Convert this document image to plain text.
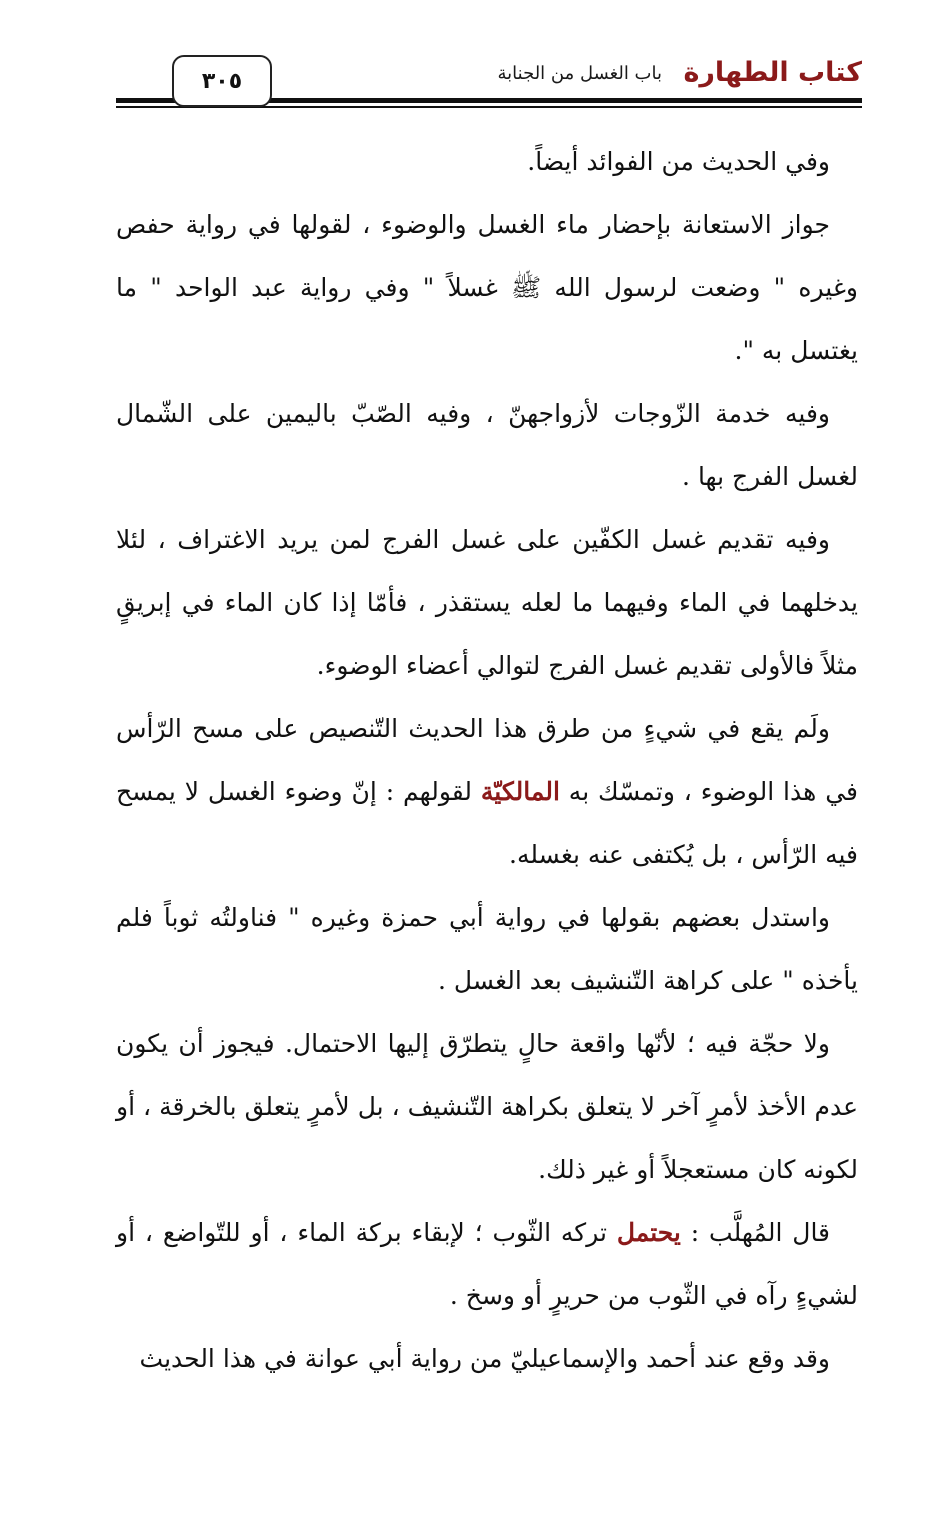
كتاب الطهارة
باب الغسل من الجنابة
٣٠٥

وفي الحديث من الفوائد أيضاً.

جواز الاستعانة بإحضار ماء الغسل والوضوء ، لقولها في رواية حفص وغيره " وضعت لرسول الله ﷺ غسلاً " وفي رواية عبد الواحد " ما يغتسل به ".

وفيه خدمة الزّوجات لأزواجهنّ ، وفيه الصّبّ باليمين على الشّمال لغسل الفرج بها .

وفيه تقديم غسل الكفّين على غسل الفرج لمن يريد الاغتراف ، لئلا يدخلهما في الماء وفيهما ما لعله يستقذر ، فأمّا إذا كان الماء في إبريقٍ مثلاً فالأولى تقديم غسل الفرج لتوالي أعضاء الوضوء.

ولَم يقع في شيءٍ من طرق هذا الحديث التّنصيص على مسح الرّأس في هذا الوضوء ، وتمسّك به المالكيّة لقولهم : إنّ وضوء الغسل لا يمسح فيه الرّأس ، بل يُكتفى عنه بغسله.

واستدل بعضهم بقولها في رواية أبي حمزة وغيره " فناولتُه ثوباً فلم يأخذه " على كراهة التّنشيف بعد الغسل .

ولا حجّة فيه ؛ لأنّها واقعة حالٍ يتطرّق إليها الاحتمال. فيجوز أن يكون عدم الأخذ لأمرٍ آخر لا يتعلق بكراهة التّنشيف ، بل لأمرٍ يتعلق بالخرقة ، أو لكونه كان مستعجلاً أو غير ذلك.

قال المُهلَّب : يحتمل تركه الثّوب ؛ لإبقاء بركة الماء ، أو للتّواضع ، أو لشيءٍ رآه في الثّوب من حريرٍ أو وسخ .

وقد وقع عند أحمد والإسماعيليّ من رواية أبي عوانة في هذا الحديث
